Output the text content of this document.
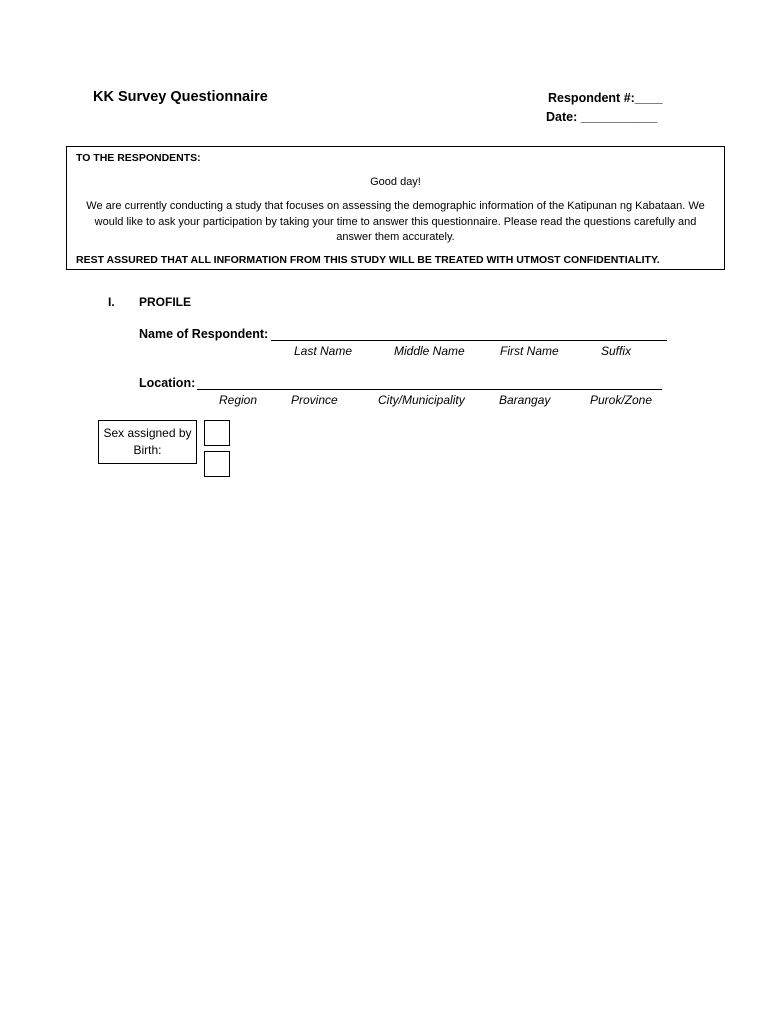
KK Survey Questionnaire	Respondent #:____
Date: ___________
TO THE RESPONDENTS:
Good day!
We are currently conducting a study that focuses on assessing the demographic information of the Katipunan ng Kabataan. We would like to ask your participation by taking your time to answer this questionnaire. Please read the questions carefully and answer them accurately.
REST ASSURED THAT ALL INFORMATION FROM THIS STUDY WILL BE TREATED WITH UTMOST CONFIDENTIALITY.
I. PROFILE
Name of Respondent:
Last Name	Middle Name	First Name	Suffix
Location:
Region	Province	City/Municipality	Barangay	Purok/Zone
Sex assigned by Birth:
